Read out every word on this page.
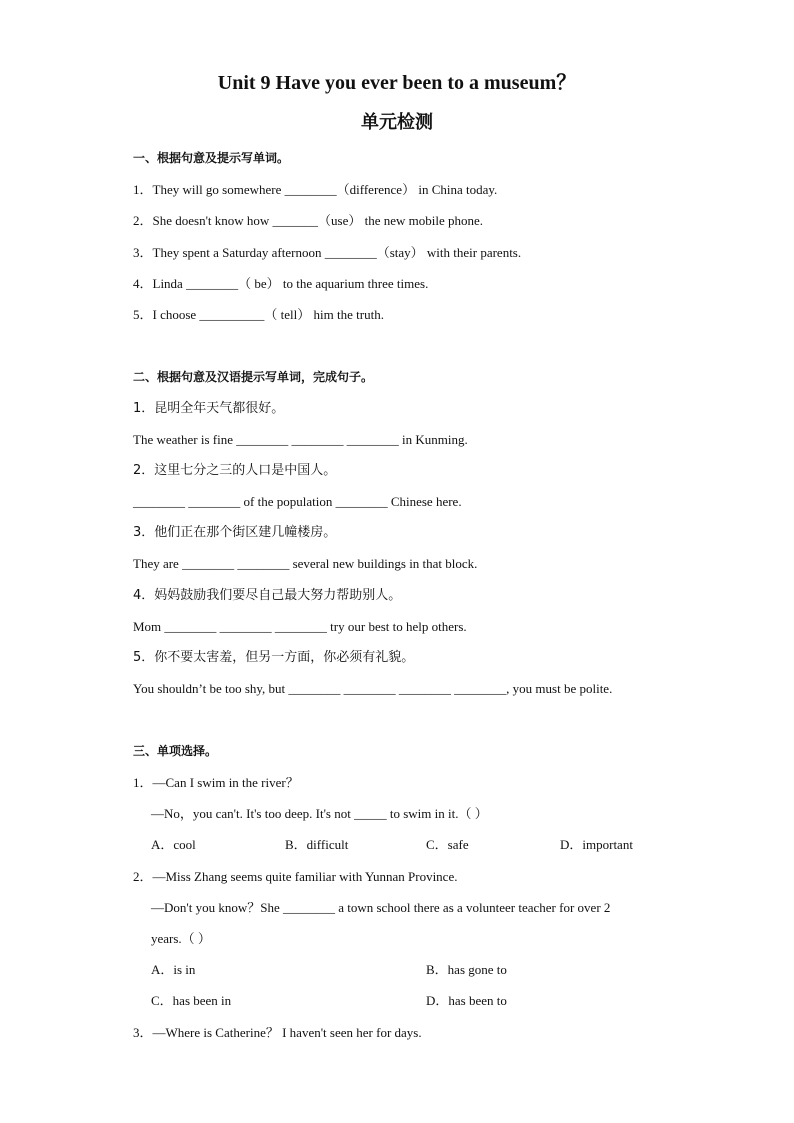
Unit 9 Have you ever been to a museum？
单元检测
一、根据句意及提示写单词。
1．They will go somewhere ________（difference） in China today.
2．She doesn't know how _______（use） the new mobile phone.
3．They spent a Saturday afternoon ________（stay） with their parents.
4．Linda ________（ be） to the aquarium three times.
5．I choose __________（ tell） him the truth.
二、根据句意及汉语提示写单词，完成句子。
1．昆明全年天气都很好。
The weather is fine ________ ________ ________ in Kunming.
2．这里七分之三的人口是中国人。
________ ________ of the population ________ Chinese here.
3．他们正在那个街区建几幢楼房。
They are ________ ________ several new buildings in that block.
4．妈妈鼓励我们要尽自己最大努力帮助别人。
Mom ________ ________ ________ try our best to help others.
5．你不要太害羞，但另一方面，你必须有礼貌。
You shouldn’t be too shy, but ________ ________ ________ ________, you must be polite.
三、单项选择。
1．—Can I swim in the river？
—No，you can't. It's too deep. It's not _____ to swim in it.（ ）
A．cool	B．difficult	C．safe	D．important
2．—Miss Zhang seems quite familiar with Yunnan Province.
—Don't you know？She ________ a town school there as a volunteer teacher for over 2
years.（ ）
A．is in	B．has gone to
C．has been in	D．has been to
3．—Where is Catherine？ I haven't seen her for days.
